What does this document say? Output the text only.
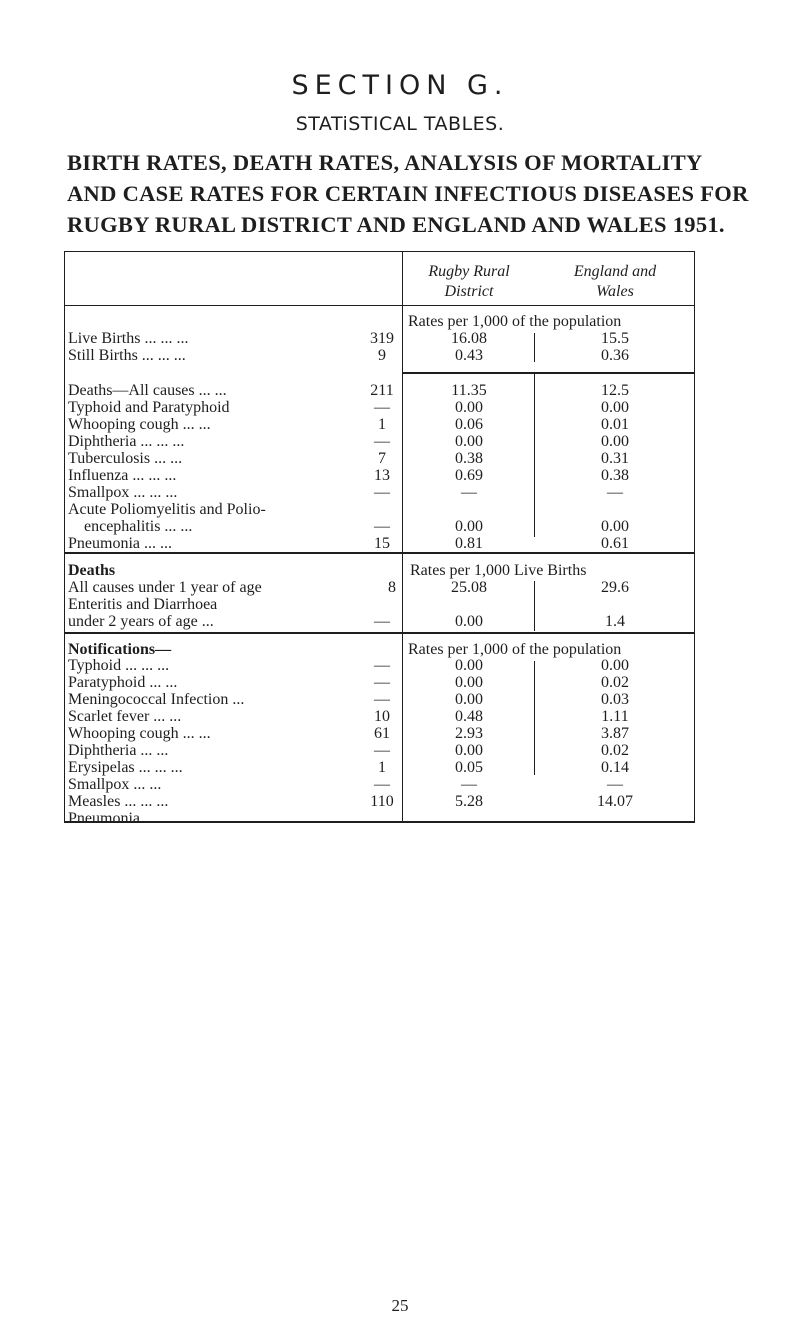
SECTION G.
STATiSTICAL TABLES.
BIRTH RATES, DEATH RATES, ANALYSIS OF MORTALITY
AND CASE RATES FOR CERTAIN INFECTIOUS DISEASES FOR
RUGBY RURAL DISTRICT AND ENGLAND AND WALES 1951.
Rugby Rural
District
England and
Wales
Rates per 1,000 of the population
Live Births ... ... ...	319	16.08	15.5
Still Births ... ... ...	9	0.43	0.36
Deaths—All causes ... ...	211	11.35	12.5
Typhoid and Paratyphoid	—	0.00	0.00
Whooping cough ... ...	1	0.06	0.01
Diphtheria ... ... ...	—	0.00	0.00
Tuberculosis ... ...	7	0.38	0.31
Influenza ... ... ...	13	0.69	0.38
Smallpox ... ... ...	—	—	—
Acute Poliomyelitis and Polio-
encephalitis ... ...	—	0.00	0.00
Pneumonia ... ...	15	0.81	0.61
Deaths	Rates per 1,000 Live Births
All causes under 1 year of age	8	25.08	29.6
Enteritis and Diarrhoea
under 2 years of age ...	—	0.00	1.4
Notifications—	Rates per 1,000 of the population
Typhoid ... ... ...	—	0.00	0.00
Paratyphoid ... ...	—	0.00	0.02
Meningococcal Infection ...	—	0.00	0.03
Scarlet fever ... ...	10	0.48	1.11
Whooping cough ... ...	61	2.93	3.87
Diphtheria ... ...	—	0.00	0.02
Erysipelas ... ... ...	1	0.05	0.14
Smallpox ... ...	—	—	—
Measles ... ... ...	110	5.28	14.07
Pneumonia ... ...
25
